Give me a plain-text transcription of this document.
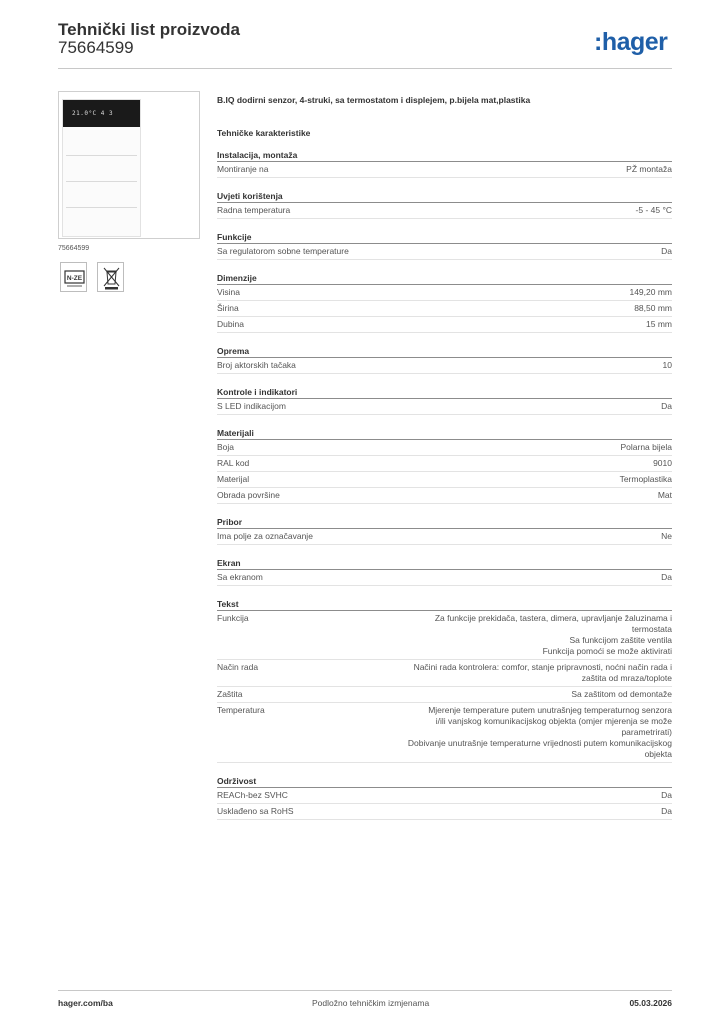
Tehnički list proizvoda
75664599	:hager
21.0°C 4 3
75664599
N-ZE
B.IQ dodirni senzor, 4-struki, sa termostatom i displejem, p.bijela mat,plastika
Tehničke karakteristike
Instalacija, montaža
Montiranje na	PŽ montaža
Uvjeti korištenja
Radna temperatura	-5 - 45 °C
Funkcije
Sa regulatorom sobne temperature	Da
Dimenzije
Visina	149,20 mm
Širina	88,50 mm
Dubina	15 mm
Oprema
Broj aktorskih tačaka	10
Kontrole i indikatori
S LED indikacijom	Da
Materijali
Boja	Polarna bijela
RAL kod	9010
Materijal	Termoplastika
Obrada površine	Mat
Pribor
Ima polje za označavanje	Ne
Ekran
Sa ekranom	Da
Tekst
Funkcija	Za funkcije prekidača, tastera, dimera, upravljanje žaluzinama i
termostata
Sa funkcijom zaštite ventila
Funkcija pomoći se može aktivirati
Način rada	Načini rada kontrolera: comfor, stanje pripravnosti, noćni način rada i
zaštita od mraza/toplote
Zaštita	Sa zaštitom od demontaže
Temperatura	Mjerenje temperature putem unutrašnjeg temperaturnog senzora
i/ili vanjskog komunikacijskog objekta (omjer mjerenja se može
parametrirati)
Dobivanje unutrašnje temperaturne vrijednosti putem komunikacijskog
objekta
Održivost
REACh-bez SVHC	Da
Usklađeno sa RoHS	Da
hager.com/ba	Podložno tehničkim izmjenama	05.03.2026
